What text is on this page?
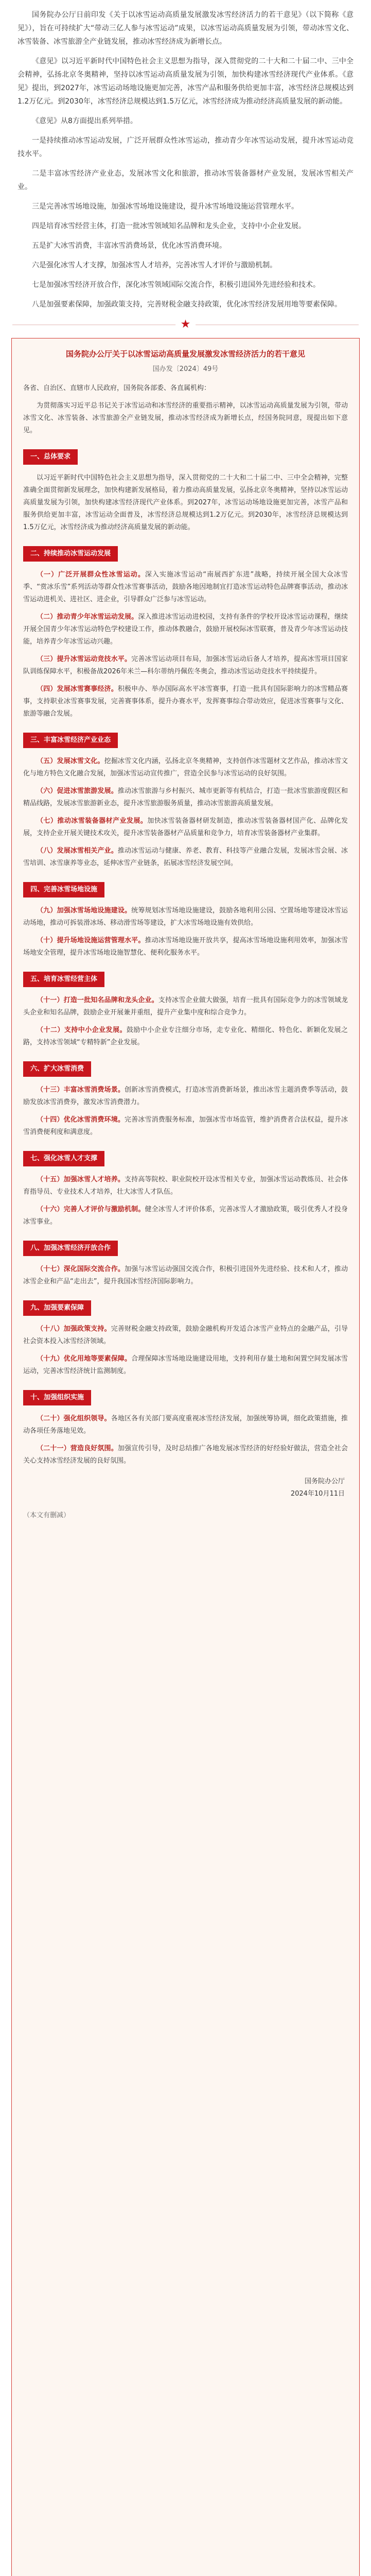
国务院办公厅日前印发《关于以冰雪运动高质量发展激发冰雪经济活力的若干意见》（以下简称《意见》），旨在可持续扩大“带动三亿人参与冰雪运动”成果，以冰雪运动高质量发展为引领，带动冰雪文化、冰雪装备、冰雪旅游全产业链发展，推动冰雪经济成为新增长点。

《意见》以习近平新时代中国特色社会主义思想为指导，深入贯彻党的二十大和二十届二中、三中全会精神，弘扬北京冬奥精神，坚持以冰雪运动高质量发展为引领，加快构建冰雪经济现代产业体系。《意见》提出，到2027年，冰雪运动场地设施更加完善，冰雪产品和服务供给更加丰富，冰雪经济总规模达到1.2万亿元。到2030年，冰雪经济总规模达到1.5万亿元，冰雪经济成为推动经济高质量发展的新动能。

《意见》从8方面提出系列举措。

一是持续推动冰雪运动发展，广泛开展群众性冰雪运动，推动青少年冰雪运动发展，提升冰雪运动竞技水平。

二是丰富冰雪经济产业业态，发展冰雪文化和旅游，推动冰雪装备器材产业发展，发展冰雪相关产业。

三是完善冰雪场地设施，加强冰雪场地设施建设，提升冰雪场地设施运营管理水平。

四是培育冰雪经营主体，打造一批冰雪领域知名品牌和龙头企业，支持中小企业发展。

五是扩大冰雪消费，丰富冰雪消费场景，优化冰雪消费环境。

六是强化冰雪人才支撑，加强冰雪人才培养，完善冰雪人才评价与激励机制。

七是加强冰雪经济开放合作，深化冰雪领域国际交流合作，积极引进国外先进经验和技术。

八是加强要素保障，加强政策支持，完善财税金融支持政策，优化冰雪经济发展用地等要素保障。

★
国务院办公厅关于以冰雪运动高质量发展激发冰雪经济活力的若干意见
国办发〔2024〕49号

各省、自治区、直辖市人民政府，国务院各部委、各直属机构：

为贯彻落实习近平总书记关于冰雪运动和冰雪经济的重要指示精神，以冰雪运动高质量发展为引领，带动冰雪文化、冰雪装备、冰雪旅游全产业链发展，推动冰雪经济成为新增长点，经国务院同意，现提出如下意见。

一、总体要求

以习近平新时代中国特色社会主义思想为指导，深入贯彻党的二十大和二十届二中、三中全会精神，完整准确全面贯彻新发展理念，加快构建新发展格局，着力推动高质量发展，弘扬北京冬奥精神，坚持以冰雪运动高质量发展为引领，加快构建冰雪经济现代产业体系。到2027年，冰雪运动场地设施更加完善，冰雪产品和服务供给更加丰富，冰雪运动全面普及，冰雪经济总规模达到1.2万亿元。到2030年，冰雪经济总规模达到1.5万亿元，冰雪经济成为推动经济高质量发展的新动能。

二、持续推动冰雪运动发展

（一）广泛开展群众性冰雪运动。深入实施冰雪运动“南展西扩东进”战略，持续开展全国大众冰雪季、“赏冰乐雪”系列活动等群众性冰雪赛事活动，鼓励各地因地制宜打造冰雪运动特色品牌赛事活动，推动冰雪运动进机关、进社区、进企业，引导群众广泛参与冰雪运动。

（二）推动青少年冰雪运动发展。深入推进冰雪运动进校园，支持有条件的学校开设冰雪运动课程，继续开展全国青少年冰雪运动特色学校建设工作，推动体教融合，鼓励开展校际冰雪联赛，普及青少年冰雪运动技能，培养青少年冰雪运动兴趣。

（三）提升冰雪运动竞技水平。完善冰雪运动项目布局，加强冰雪运动后备人才培养，提高冰雪项目国家队训练保障水平，积极备战2026年米兰—科尔蒂纳丹佩佐冬奥会，推动冰雪运动竞技水平持续提升。

（四）发展冰雪赛事经济。积极申办、举办国际高水平冰雪赛事，打造一批具有国际影响力的冰雪精品赛事，支持职业冰雪赛事发展，完善赛事体系，提升办赛水平，发挥赛事综合带动效应，促进冰雪赛事与文化、旅游等融合发展。

三、丰富冰雪经济产业业态

（五）发展冰雪文化。挖掘冰雪文化内涵，弘扬北京冬奥精神，支持创作冰雪题材文艺作品，推动冰雪文化与地方特色文化融合发展，加强冰雪运动宣传推广，营造全民参与冰雪运动的良好氛围。

（六）促进冰雪旅游发展。推动冰雪旅游与乡村振兴、城市更新等有机结合，打造一批冰雪旅游度假区和精品线路，发展冰雪旅游新业态，提升冰雪旅游服务质量，推动冰雪旅游高质量发展。

（七）推动冰雪装备器材产业发展。加快冰雪装备器材研发制造，推动冰雪装备器材国产化、品牌化发展，支持企业开展关键技术攻关，提升冰雪装备器材产品质量和竞争力，培育冰雪装备器材产业集群。

（八）发展冰雪相关产业。推动冰雪运动与健康、养老、教育、科技等产业融合发展，发展冰雪会展、冰雪培训、冰雪康养等业态，延伸冰雪产业链条，拓展冰雪经济发展空间。

四、完善冰雪场地设施

（九）加强冰雪场地设施建设。统筹规划冰雪场地设施建设，鼓励各地利用公园、空置场地等建设冰雪运动场地，推动可拆装滑冰场、移动滑雪场等建设，扩大冰雪场地设施有效供给。

（十）提升场地设施运营管理水平。推动冰雪场地设施开放共享，提高冰雪场地设施利用效率，加强冰雪场地安全管理，提升冰雪场地设施智慧化、便利化服务水平。

五、培育冰雪经营主体

（十一）打造一批知名品牌和龙头企业。支持冰雪企业做大做强，培育一批具有国际竞争力的冰雪领域龙头企业和知名品牌，鼓励企业开展兼并重组，提升产业集中度和综合竞争力。

（十二）支持中小企业发展。鼓励中小企业专注细分市场，走专业化、精细化、特色化、新颖化发展之路，支持冰雪领域“专精特新”企业发展。

六、扩大冰雪消费

（十三）丰富冰雪消费场景。创新冰雪消费模式，打造冰雪消费新场景，推出冰雪主题消费季等活动，鼓励发放冰雪消费券，激发冰雪消费潜力。

（十四）优化冰雪消费环境。完善冰雪消费服务标准，加强冰雪市场监管，维护消费者合法权益，提升冰雪消费便利度和满意度。

七、强化冰雪人才支撑

（十五）加强冰雪人才培养。支持高等院校、职业院校开设冰雪相关专业，加强冰雪运动教练员、社会体育指导员、专业技术人才培养，壮大冰雪人才队伍。

（十六）完善人才评价与激励机制。健全冰雪人才评价体系，完善冰雪人才激励政策，吸引优秀人才投身冰雪事业。

八、加强冰雪经济开放合作

（十七）深化国际交流合作。加强与冰雪运动强国交流合作，积极引进国外先进经验、技术和人才，推动冰雪企业和产品“走出去”，提升我国冰雪经济国际影响力。

九、加强要素保障

（十八）加强政策支持。完善财税金融支持政策，鼓励金融机构开发适合冰雪产业特点的金融产品，引导社会资本投入冰雪经济领域。

（十九）优化用地等要素保障。合理保障冰雪场地设施建设用地，支持利用存量土地和闲置空间发展冰雪运动，完善冰雪经济统计监测制度。

十、加强组织实施

（二十）强化组织领导。各地区各有关部门要高度重视冰雪经济发展，加强统筹协调，细化政策措施，推动各项任务落地见效。

（二十一）营造良好氛围。加强宣传引导，及时总结推广各地发展冰雪经济的好经验好做法，营造全社会关心支持冰雪经济发展的良好氛围。

国务院办公厅
2024年10月11日
（本文有删减）
